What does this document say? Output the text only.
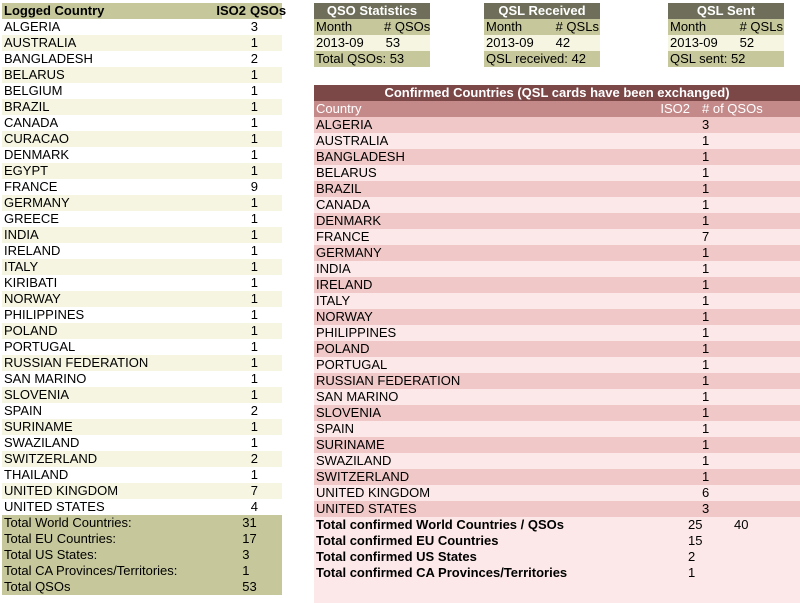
Logged Country	ISO2 QSOs
ALGERIA	3
AUSTRALIA	1
BANGLADESH	2
BELARUS	1
BELGIUM	1
BRAZIL	1
CANADA	1
CURACAO	1
DENMARK	1
EGYPT	1
FRANCE	9
GERMANY	1
GREECE	1
INDIA	1
IRELAND	1
ITALY	1
KIRIBATI	1
NORWAY	1
PHILIPPINES	1
POLAND	1
PORTUGAL	1
RUSSIAN FEDERATION	1
SAN MARINO	1
SLOVENIA	1
SPAIN	2
SURINAME	1
SWAZILAND	1
SWITZERLAND	2
THAILAND	1
UNITED KINGDOM	7
UNITED STATES	4
Total World Countries:	31
Total EU Countries:	17
Total US States:	3
Total CA Provinces/Territories:	1
Total QSOs	53
QSO Statistics
Month	# QSOs
2013-09	53
Total QSOs: 53
QSL Received
Month	# QSLs
2013-09	42
QSL received: 42
QSL Sent
Month	# QSLs
2013-09	52
QSL sent: 52
Confirmed Countries (QSL cards have been exchanged)
Country	ISO2 # of QSOs
ALGERIA	3
AUSTRALIA	1
BANGLADESH	1
BELARUS	1
BRAZIL	1
CANADA	1
DENMARK	1
FRANCE	7
GERMANY	1
INDIA	1
IRELAND	1
ITALY	1
NORWAY	1
PHILIPPINES	1
POLAND	1
PORTUGAL	1
RUSSIAN FEDERATION	1
SAN MARINO	1
SLOVENIA	1
SPAIN	1
SURINAME	1
SWAZILAND	1
SWITZERLAND	1
UNITED KINGDOM	6
UNITED STATES	3
Total confirmed World Countries / QSOs	25	40
Total confirmed EU Countries	15
Total confirmed US States	2
Total confirmed CA Provinces/Territories	1
